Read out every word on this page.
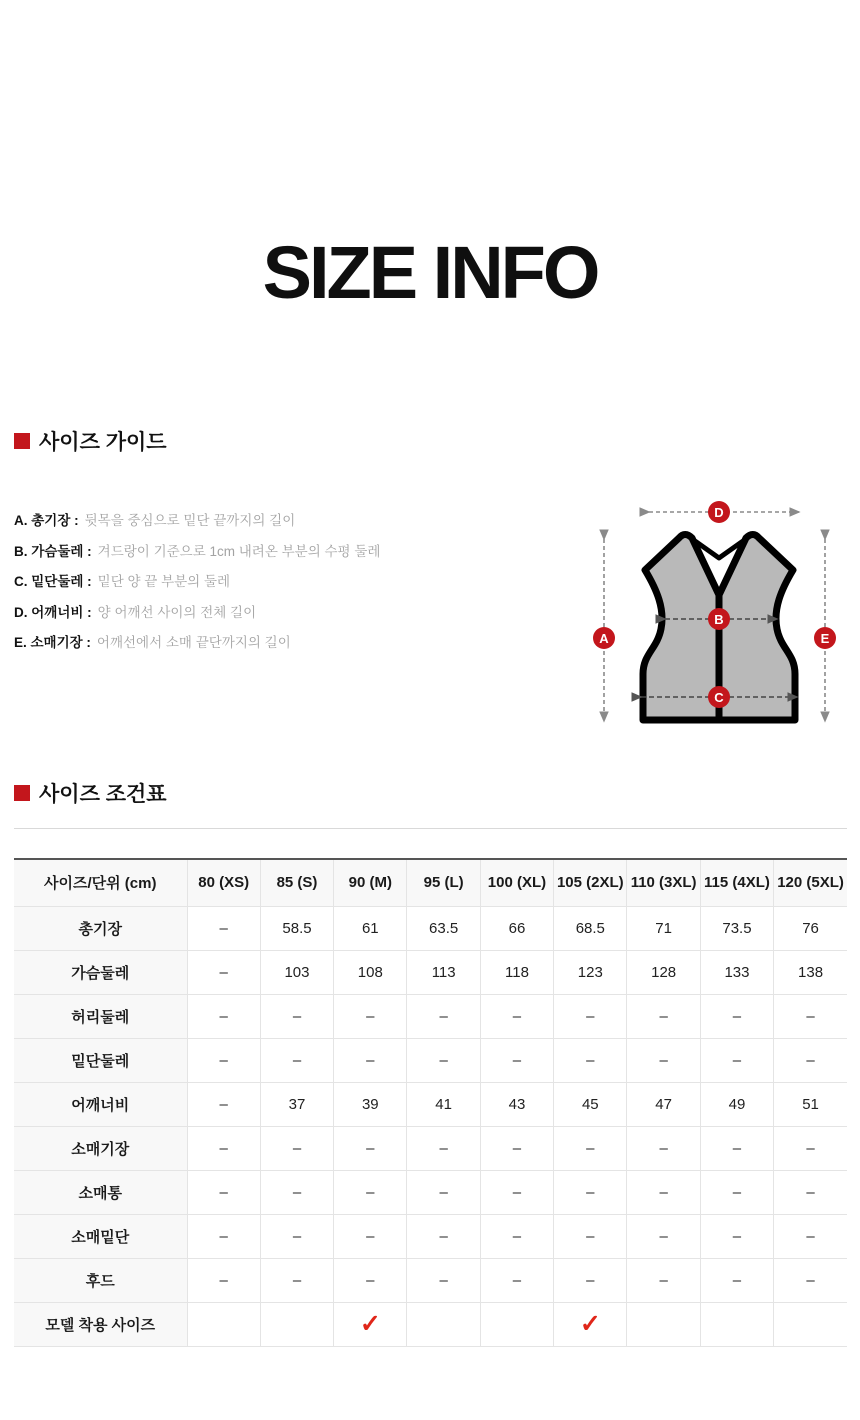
SIZE INFO
사이즈 가이드
A. 총기장 : 뒷목을 중심으로 밑단 끝까지의 길이
B. 가슴둘레 : 겨드랑이 기준으로 1cm 내려온 부분의 수평 둘레
C. 밑단둘레 : 밑단 양 끝 부분의 둘레
D. 어깨너비 : 양 어깨선 사이의 전체 길이
E. 소매기장 : 어깨선에서 소매 끝단까지의 길이
D
A	E
B
C
사이즈 조건표
사이즈/단위 (cm)	80 (XS)	85 (S)	90 (M)	95 (L)	100 (XL)	105 (2XL)	110 (3XL)	115 (4XL)	120 (5XL)
총기장	–	58.5	61	63.5	66	68.5	71	73.5	76
가슴둘레	–	103	108	113	118	123	128	133	138
허리둘레	–	–	–	–	–	–	–	–	–
밑단둘레	–	–	–	–	–	–	–	–	–
어깨너비	–	37	39	41	43	45	47	49	51
소매기장	–	–	–	–	–	–	–	–	–
소매통	–	–	–	–	–	–	–	–	–
소매밑단	–	–	–	–	–	–	–	–	–
후드	–	–	–	–	–	–	–	–	–
모델 착용 사이즈			✓			✓			
